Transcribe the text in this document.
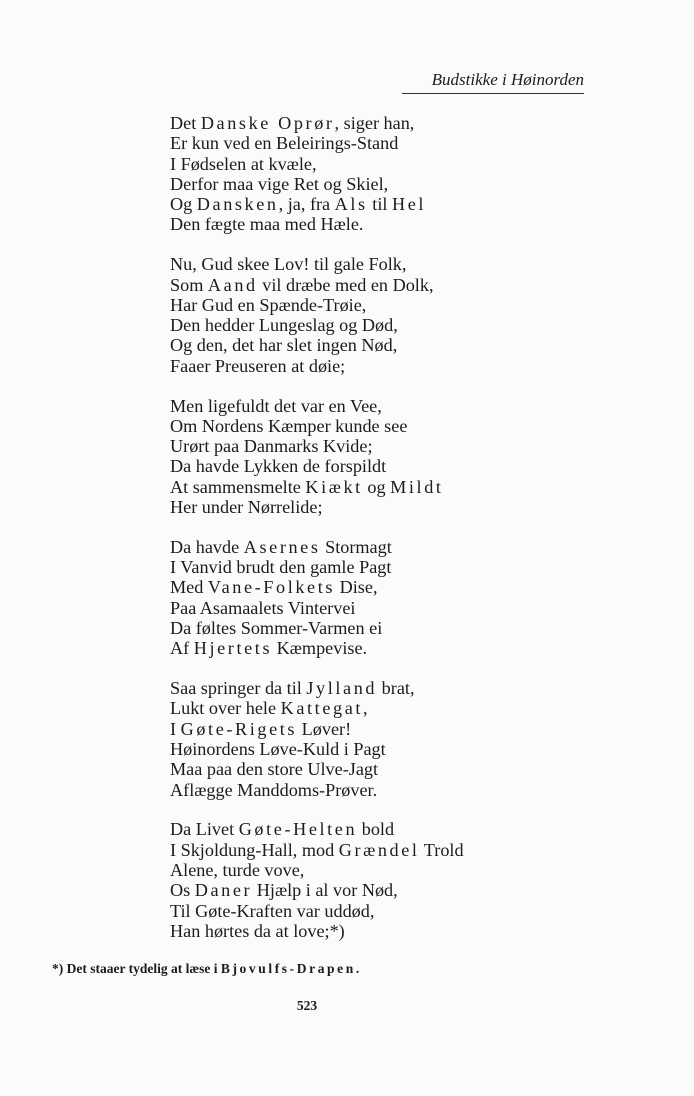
Budstikke i Høinorden
Det Danske Oprør, siger han,
Er kun ved en Beleirings-Stand
I Fødselen at kvæle,
Derfor maa vige Ret og Skiel,
Og Dansken, ja, fra Als til Hel
Den fægte maa med Hæle.
Nu, Gud skee Lov! til gale Folk,
Som Aand vil dræbe med en Dolk,
Har Gud en Spænde-Trøie,
Den hedder Lungeslag og Død,
Og den, det har slet ingen Nød,
Faaer Preuseren at døie;
Men ligefuldt det var en Vee,
Om Nordens Kæmper kunde see
Urørt paa Danmarks Kvide;
Da havde Lykken de forspildt
At sammensmelte Kiækt og Mildt
Her under Nørrelide;
Da havde Asernes Stormagt
I Vanvid brudt den gamle Pagt
Med Vane-Folkets Dise,
Paa Asamaalets Vintervei
Da føltes Sommer-Varmen ei
Af Hjertets Kæmpevise.
Saa springer da til Jylland brat,
Lukt over hele Kattegat,
I Gøte-Rigets Løver!
Høinordens Løve-Kuld i Pagt
Maa paa den store Ulve-Jagt
Aflægge Manddoms-Prøver.
Da Livet Gøte-Helten bold
I Skjoldung-Hall, mod Grændel Trold
Alene, turde vove,
Os Daner Hjælp i al vor Nød,
Til Gøte-Kraften var uddød,
Han hørtes da at love;*)
*) Det staaer tydelig at læse i Bjovulfs-Drapen.
523
